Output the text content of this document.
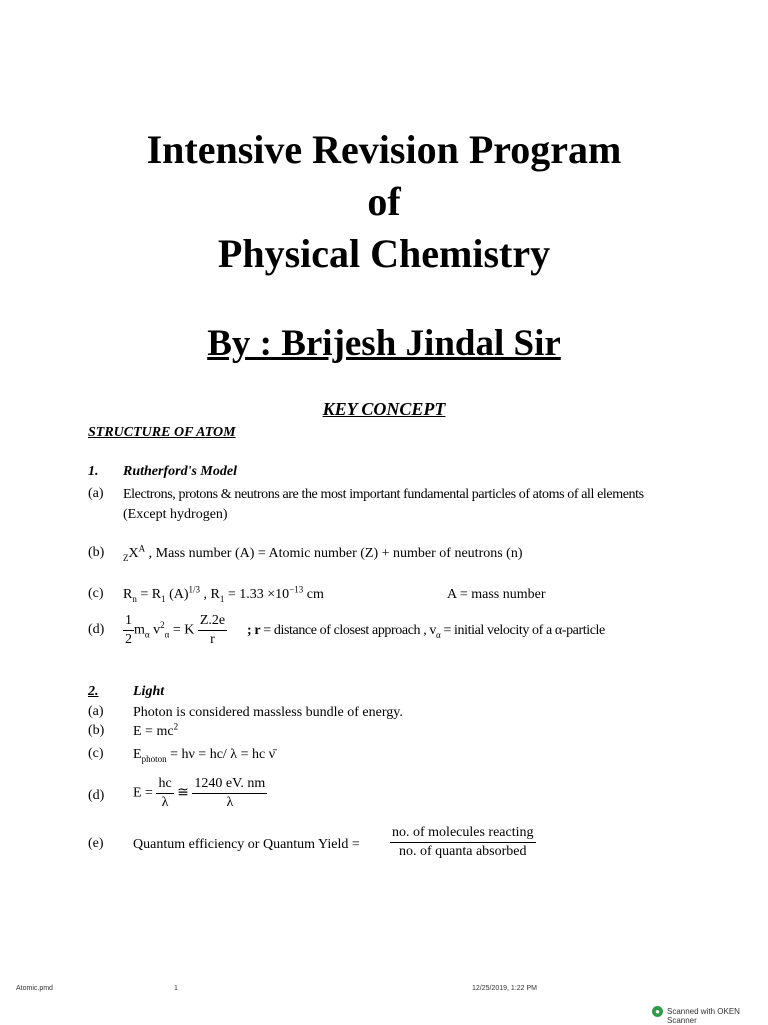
Intensive Revision Program
of
Physical Chemistry
By : Brijesh Jindal Sir
KEY CONCEPT
STRUCTURE OF ATOM
1. Rutherford's Model
(a) Electrons, protons & neutrons are the most important fundamental particles of atoms of all elements
(Except hydrogen)
(b) $_ZX^A$ , Mass number (A) = Atomic number (Z) + number of neutrons (n)
(c) $R_n = R_1$ $(A)^{1/3}$ , $R_1 = 1.33 \times 10^{-13}$ cm	A = mass number
$(d) \frac{1}{2} m_\alpha$ $v^2_\alpha = K \frac{Z.2e}{r}$ ; r = distance of closest approach , $v_\alpha$ = initial velocity of a α-particle
2. Light
(a) Photon is considered massless bundle of energy.
(b) $E = mc^2$
(c) $E_{photon} = h\nu = hc/$ λ = hc ν̄
(d) $E = \frac{hc}{\lambda}$ ≅ $\frac{1240 eV. nm}{\lambda}$
(e) Quantum efficiency or Quantum Yield = $\frac{\text{no. of molecules reacting}}{\text{no. of quanta absorbed}}$
Atomic.pmd	1	12/25/2019, 1:22 PM
● Scanned with OKEN Scanner
